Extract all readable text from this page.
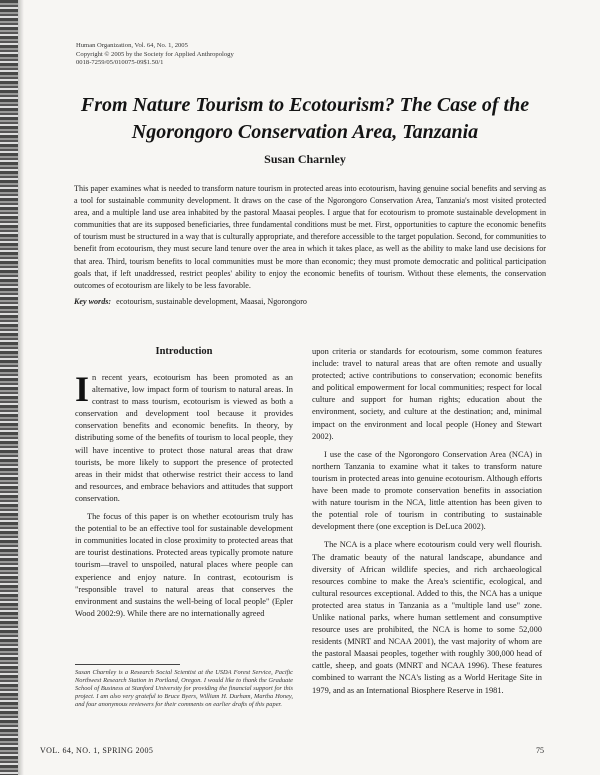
Human Organization, Vol. 64, No. 1, 2005
Copyright © 2005 by the Society for Applied Anthropology
0018-7259/05/010075-09$1.50/1
From Nature Tourism to Ecotourism? The Case of the Ngorongoro Conservation Area, Tanzania
Susan Charnley

This paper examines what is needed to transform nature tourism in protected areas into ecotourism, having genuine social benefits and serving as a tool for sustainable community development. It draws on the case of the Ngorongoro Conservation Area, Tanzania's most visited protected area, and a multiple land use area inhabited by the pastoral Maasai peoples. I argue that for ecotourism to promote sustainable development in communities that are its supposed beneficiaries, three fundamental conditions must be met. First, opportunities to capture the economic benefits of tourism must be structured in a way that is culturally appropriate, and therefore accessible to the target population. Second, for communities to benefit from ecotourism, they must secure land tenure over the area in which it takes place, as well as the ability to make land use decisions for that area. Third, tourism benefits to local communities must be more than economic; they must promote democratic and political participation goals that, if left unaddressed, restrict peoples' ability to enjoy the economic benefits of tourism. Without these elements, the conservation outcomes of ecotourism are likely to be less favorable.

Key words: ecotourism, sustainable development, Maasai, Ngorongoro
Introduction

In recent years, ecotourism has been promoted as an alternative, low impact form of tourism to natural areas. In contrast to mass tourism, ecotourism is viewed as both a conservation and development tool because it provides conservation benefits and economic benefits. In theory, by distributing some of the benefits of tourism to local people, they will have incentive to protect those natural areas that draw tourists, be more likely to support the presence of protected areas in their midst that otherwise restrict their access to land and resources, and embrace behaviors and attitudes that support conservation.

The focus of this paper is on whether ecotourism truly has the potential to be an effective tool for sustainable development in communities located in close proximity to protected areas that are tourist destinations. Protected areas typically promote nature tourism—travel to unspoiled, natural places where people can experience and enjoy nature. In contrast, ecotourism is "responsible travel to natural areas that conserves the environment and sustains the well-being of local people" (Epler Wood 2002:9). While there are no internationally agreed

upon criteria or standards for ecotourism, some common features include: travel to natural areas that are often remote and usually protected; active contributions to conservation; economic benefits and political empowerment for local communities; respect for local culture and support for human rights; education about the environment, society, and culture at the destination; and, minimal impact on the environment and local people (Honey and Stewart 2002).

I use the case of the Ngorongoro Conservation Area (NCA) in northern Tanzania to examine what it takes to transform nature tourism in protected areas into genuine ecotourism. Although efforts have been made to promote conservation benefits in association with nature tourism in the NCA, little attention has been given to the potential role of tourism in contributing to sustainable development there (one exception is DeLuca 2002).

The NCA is a place where ecotourism could very well flourish. The dramatic beauty of the natural landscape, abundance and diversity of African wildlife species, and rich archaeological resources combine to make the Area's scientific, ecological, and cultural resources exceptional. Added to this, the NCA has a unique protected area status in Tanzania as a "multiple land use" zone. Unlike national parks, where human settlement and consumptive resource uses are prohibited, the NCA is home to some 52,000 residents (MNRT and NCAA 2001), the vast majority of whom are the pastoral Maasai peoples, together with roughly 300,000 head of cattle, sheep, and goats (MNRT and NCAA 1996). These features combined to warrant the NCA's listing as a World Heritage Site in 1979, and as an International Biosphere Reserve in 1981.

Susan Charnley is a Research Social Scientist at the USDA Forest Service, Pacific Northwest Research Station in Portland, Oregon. I would like to thank the Graduate School of Business at Stanford University for providing the financial support for this project. I am also very grateful to Bruce Byers, William H. Durham, Martha Honey, and four anonymous reviewers for their comments on earlier drafts of this paper.
VOL. 64, NO. 1, SPRING 2005	75
